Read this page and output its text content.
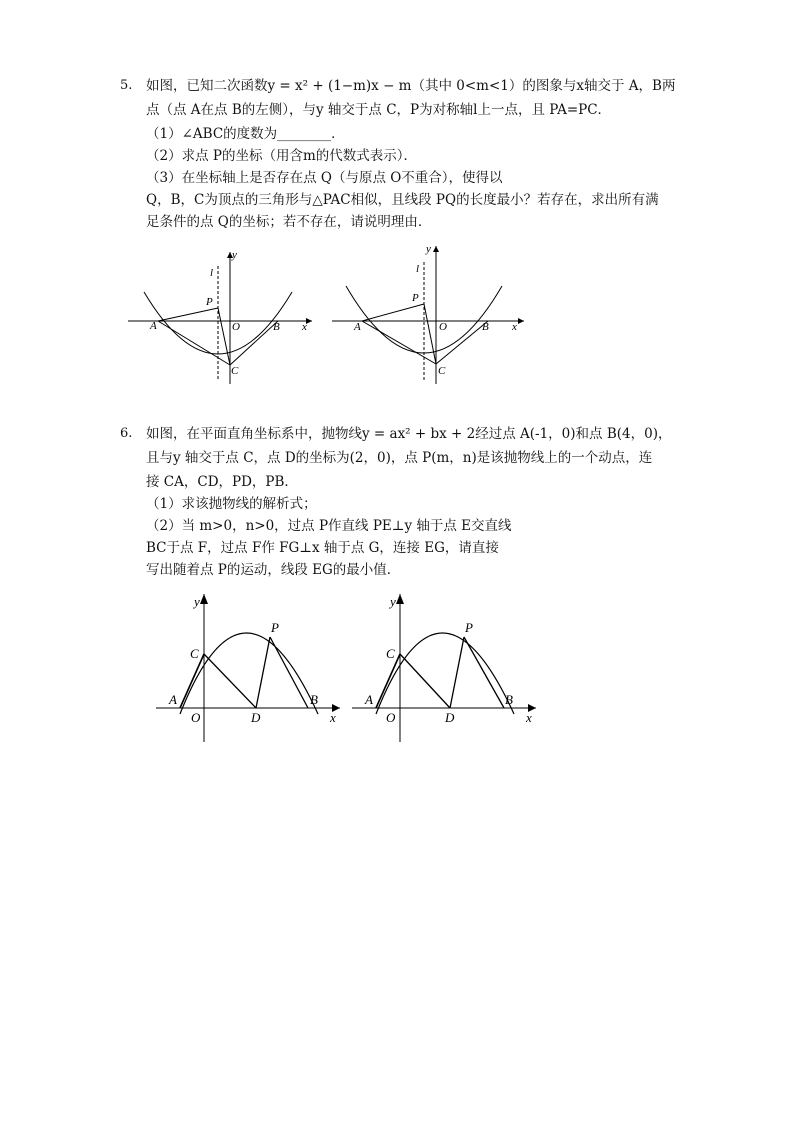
5. 如图，已知二次函数y = x² + (1−m)x − m（其中 0<m<1）的图象与x轴交于 A，B两
点（点 A在点 B的左侧），与y 轴交于点 C，P为对称轴l上一点，且 PA=PC．
（1）∠ABC的度数为________．
（2）求点 P的坐标（用含m的代数式表示）．
（3）在坐标轴上是否存在点 Q（与原点 O不重合），使得以
Q，B，C为顶点的三角形与△PAC相似，且线段 PQ的长度最小？若存在，求出所有满
足条件的点 Q的坐标；若不存在，请说明理由．
y
l
P
A	O	B x
C
y
l
P
A	O	B x
C
6. 如图，在平面直角坐标系中，抛物线y = ax² + bx + 2经过点 A(-1，0)和点 B(4，0)，
且与y 轴交于点 C，点 D的坐标为(2，0)，点 P(m，n)是该抛物线上的一个动点，连
接 CA，CD，PD，PB．
（1）求该抛物线的解析式；
（2）当 m>0，n>0，过点 P作直线 PE⊥y 轴于点 E交直线
BC于点 F，过点 F作 FG⊥x 轴于点 G，连接 EG，请直接
写出随着点 P的运动，线段 EG的最小值．
y
P
C
A
O	D
B
x
y
P
C
A
O	D
B
x
